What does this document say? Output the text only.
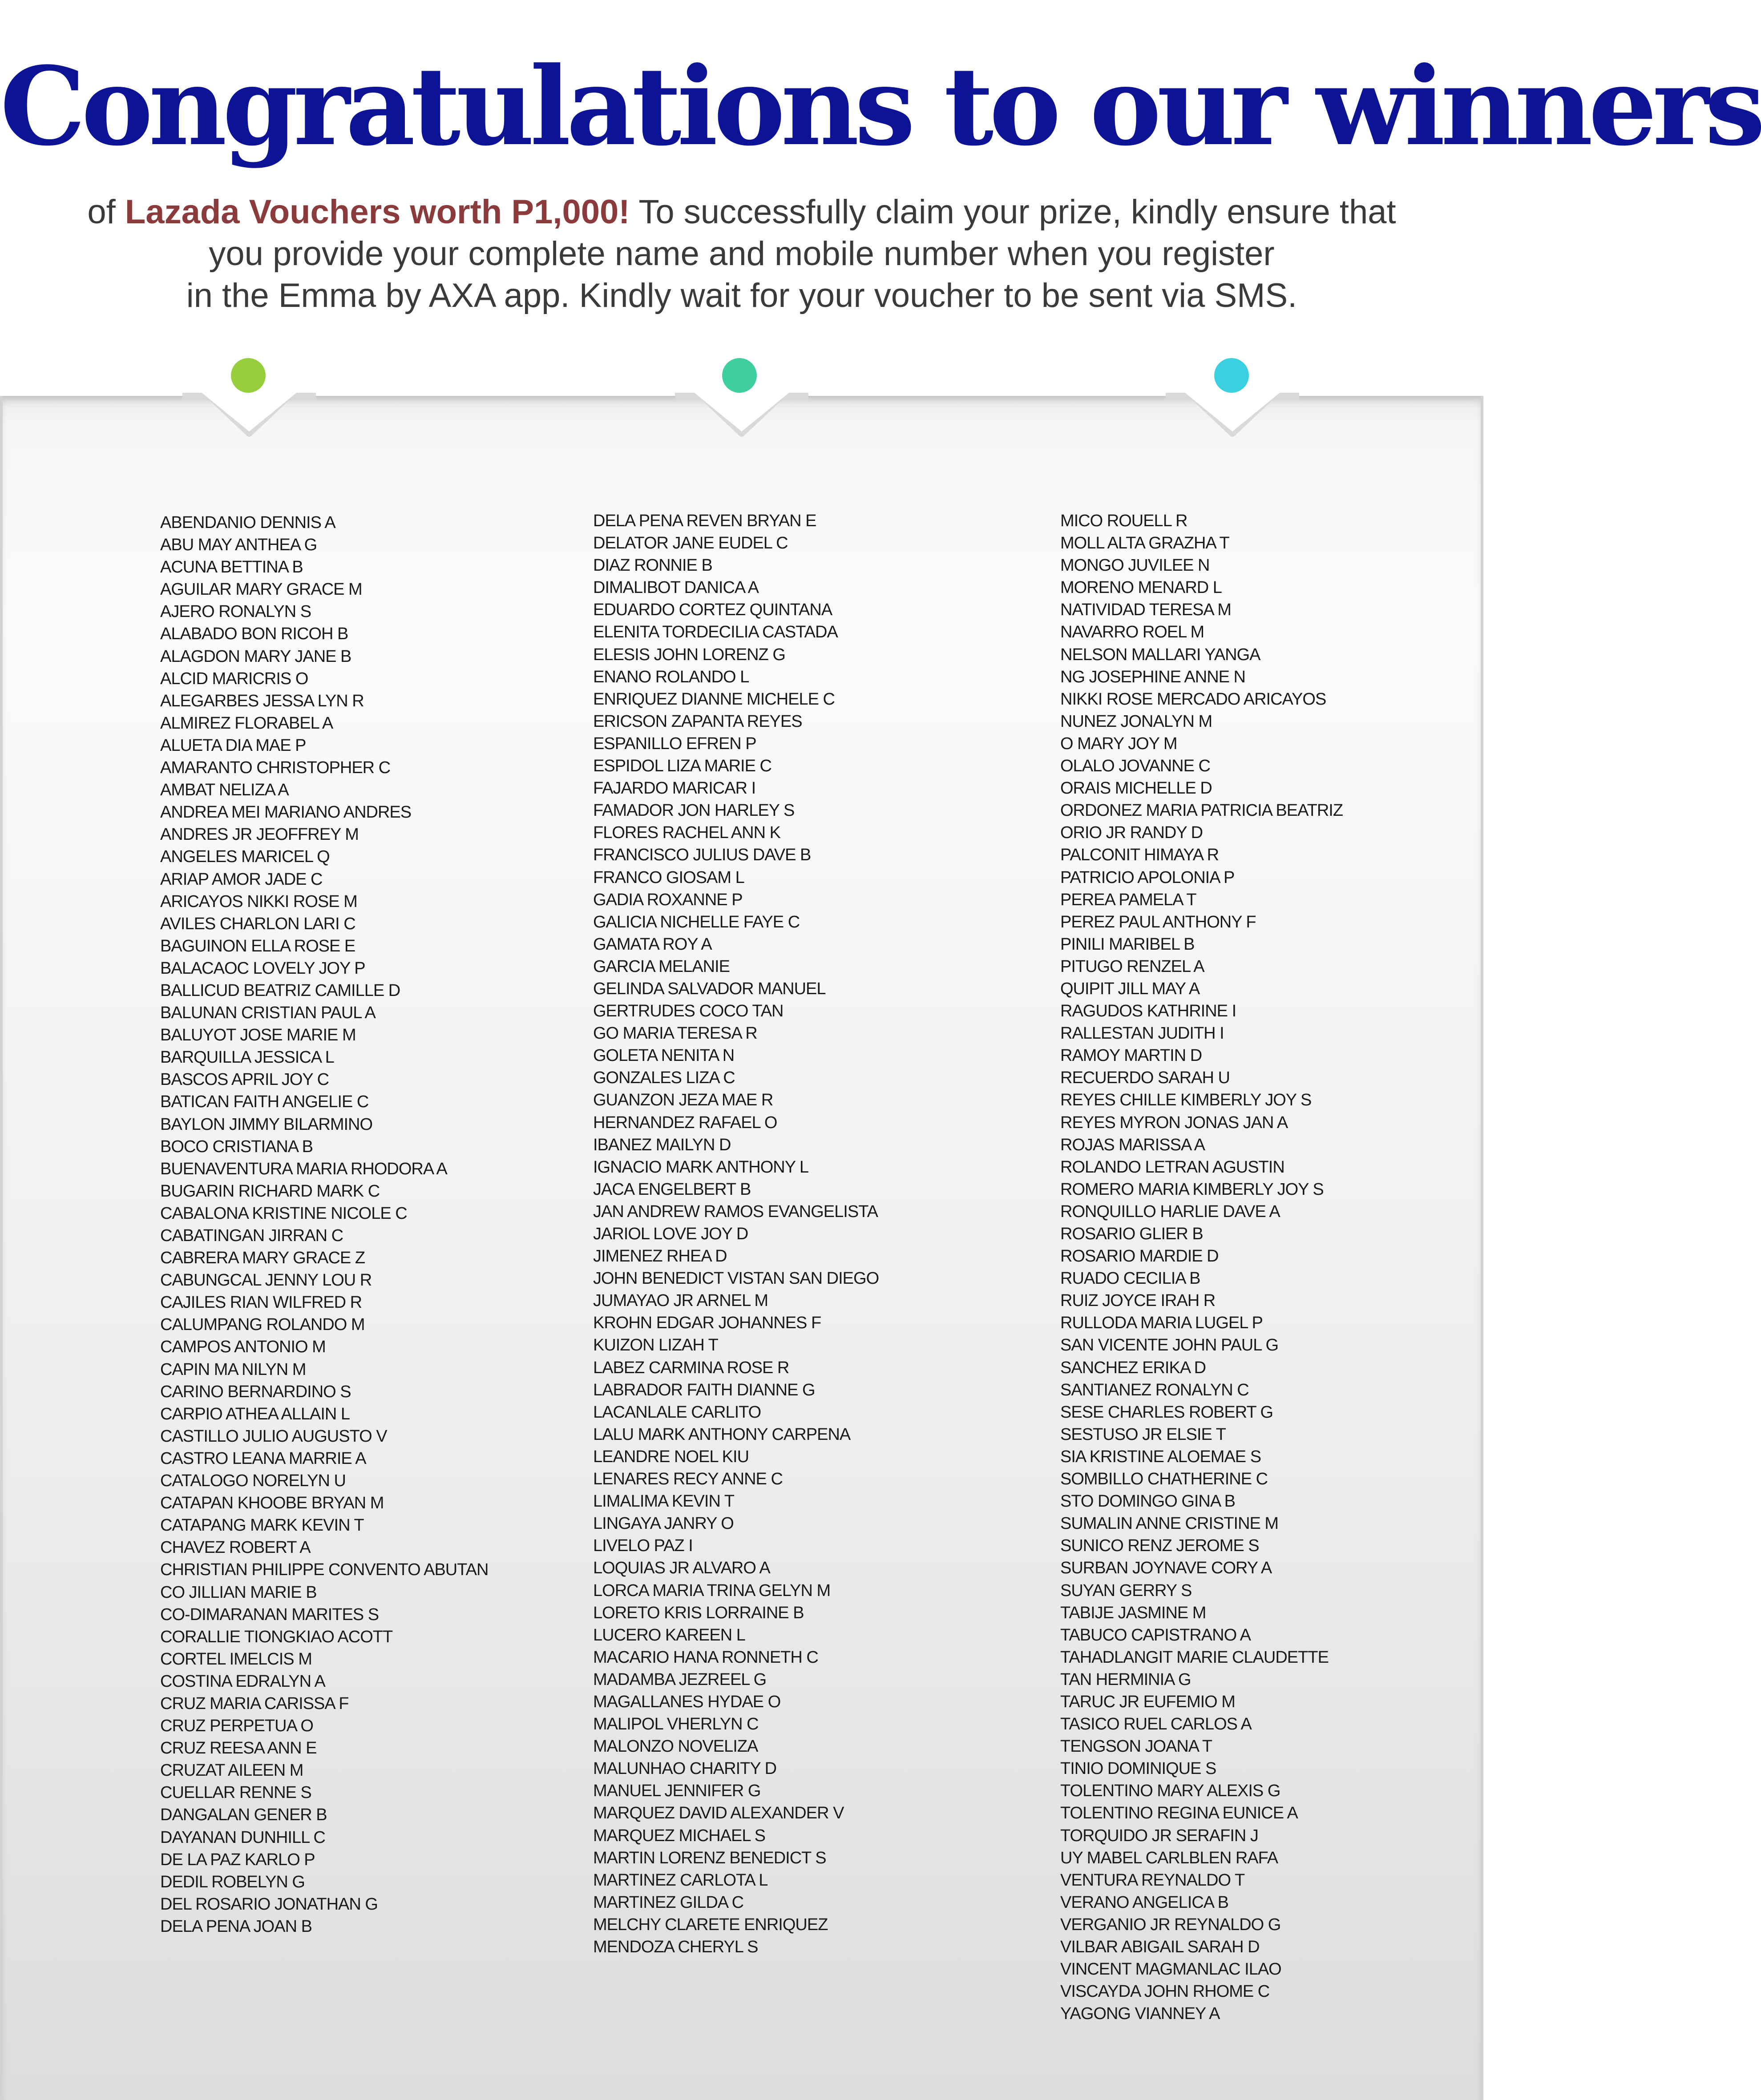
Congratulations to our winners

of Lazada Vouchers worth P1,000! To successfully claim your prize, kindly ensure that
you provide your complete name and mobile number when you register
in the Emma by AXA app. Kindly wait for your voucher to be sent via SMS.

ABENDANIO DENNIS A
ABU MAY ANTHEA G
ACUNA BETTINA B
AGUILAR MARY GRACE M
AJERO RONALYN S
ALABADO BON RICOH B
ALAGDON MARY JANE B
ALCID MARICRIS O
ALEGARBES JESSA LYN R
ALMIREZ FLORABEL A
ALUETA DIA MAE P
AMARANTO CHRISTOPHER C
AMBAT NELIZA A
ANDREA MEI MARIANO ANDRES
ANDRES JR JEOFFREY M
ANGELES MARICEL Q
ARIAP AMOR JADE C
ARICAYOS NIKKI ROSE M
AVILES CHARLON LARI C
BAGUINON ELLA ROSE E
BALACAOC LOVELY JOY P
BALLICUD BEATRIZ CAMILLE D
BALUNAN CRISTIAN PAUL A
BALUYOT JOSE MARIE M
BARQUILLA JESSICA L
BASCOS APRIL JOY C
BATICAN FAITH ANGELIE C
BAYLON JIMMY BILARMINO
BOCO CRISTIANA B
BUENAVENTURA MARIA RHODORA A
BUGARIN RICHARD MARK C
CABALONA KRISTINE NICOLE C
CABATINGAN JIRRAN C
CABRERA MARY GRACE Z
CABUNGCAL JENNY LOU R
CAJILES RIAN WILFRED R
CALUMPANG ROLANDO M
CAMPOS ANTONIO M
CAPIN MA NILYN M
CARINO BERNARDINO S
CARPIO ATHEA ALLAIN L
CASTILLO JULIO AUGUSTO V
CASTRO LEANA MARRIE A
CATALOGO NORELYN U
CATAPAN KHOOBE BRYAN M
CATAPANG MARK KEVIN T
CHAVEZ ROBERT A
CHRISTIAN PHILIPPE CONVENTO ABUTAN
CO JILLIAN MARIE B
CO-DIMARANAN MARITES S
CORALLIE TIONGKIAO ACOTT
CORTEL IMELCIS M
COSTINA EDRALYN A
CRUZ MARIA CARISSA F
CRUZ PERPETUA O
CRUZ REESA ANN E
CRUZAT AILEEN M
CUELLAR RENNE S
DANGALAN GENER B
DAYANAN DUNHILL C
DE LA PAZ KARLO P
DEDIL ROBELYN G
DEL ROSARIO JONATHAN G
DELA PENA JOAN B
DELA PENA REVEN BRYAN E
DELATOR JANE EUDEL C
DIAZ RONNIE B
DIMALIBOT DANICA A
EDUARDO CORTEZ QUINTANA
ELENITA TORDECILIA CASTADA
ELESIS JOHN LORENZ G
ENANO ROLANDO L
ENRIQUEZ DIANNE MICHELE C
ERICSON ZAPANTA REYES
ESPANILLO EFREN P
ESPIDOL LIZA MARIE C
FAJARDO MARICAR I
FAMADOR JON HARLEY S
FLORES RACHEL ANN K
FRANCISCO JULIUS DAVE B
FRANCO GIOSAM L
GADIA ROXANNE P
GALICIA NICHELLE FAYE C
GAMATA ROY A
GARCIA MELANIE
GELINDA SALVADOR MANUEL
GERTRUDES COCO TAN
GO MARIA TERESA R
GOLETA NENITA N
GONZALES LIZA C
GUANZON JEZA MAE R
HERNANDEZ RAFAEL O
IBANEZ MAILYN D
IGNACIO MARK ANTHONY L
JACA ENGELBERT B
JAN ANDREW RAMOS EVANGELISTA
JARIOL LOVE JOY D
JIMENEZ RHEA D
JOHN BENEDICT VISTAN SAN DIEGO
JUMAYAO JR ARNEL M
KROHN EDGAR JOHANNES F
KUIZON LIZAH T
LABEZ CARMINA ROSE R
LABRADOR FAITH DIANNE G
LACANLALE CARLITO
LALU MARK ANTHONY CARPENA
LEANDRE NOEL KIU
LENARES RECY ANNE C
LIMALIMA KEVIN T
LINGAYA JANRY O
LIVELO PAZ I
LOQUIAS JR ALVARO A
LORCA MARIA TRINA GELYN M
LORETO KRIS LORRAINE B
LUCERO KAREEN L
MACARIO HANA RONNETH C
MADAMBA JEZREEL G
MAGALLANES HYDAE O
MALIPOL VHERLYN C
MALONZO NOVELIZA
MALUNHAO CHARITY D
MANUEL JENNIFER G
MARQUEZ DAVID ALEXANDER V
MARQUEZ MICHAEL S
MARTIN LORENZ BENEDICT S
MARTINEZ CARLOTA L
MARTINEZ GILDA C
MELCHY CLARETE ENRIQUEZ
MENDOZA CHERYL S
MICO ROUELL R
MOLL ALTA GRAZHA T
MONGO JUVILEE N
MORENO MENARD L
NATIVIDAD TERESA M
NAVARRO ROEL M
NELSON MALLARI YANGA
NG JOSEPHINE ANNE N
NIKKI ROSE MERCADO ARICAYOS
NUNEZ JONALYN M
O MARY JOY M
OLALO JOVANNE C
ORAIS MICHELLE D
ORDONEZ MARIA PATRICIA BEATRIZ
ORIO JR RANDY D
PALCONIT HIMAYA R
PATRICIO APOLONIA P
PEREA PAMELA T
PEREZ PAUL ANTHONY F
PINILI MARIBEL B
PITUGO RENZEL A
QUIPIT JILL MAY A
RAGUDOS KATHRINE I
RALLESTAN JUDITH I
RAMOY MARTIN D
RECUERDO SARAH U
REYES CHILLE KIMBERLY JOY S
REYES MYRON JONAS JAN A
ROJAS MARISSA A
ROLANDO LETRAN AGUSTIN
ROMERO MARIA KIMBERLY JOY S
RONQUILLO HARLIE DAVE A
ROSARIO GLIER B
ROSARIO MARDIE D
RUADO CECILIA B
RUIZ JOYCE IRAH R
RULLODA MARIA LUGEL P
SAN VICENTE JOHN PAUL G
SANCHEZ ERIKA D
SANTIANEZ RONALYN C
SESE CHARLES ROBERT G
SESTUSO JR ELSIE T
SIA KRISTINE ALOEMAE S
SOMBILLO CHATHERINE C
STO DOMINGO GINA B
SUMALIN ANNE CRISTINE M
SUNICO RENZ JEROME S
SURBAN JOYNAVE CORY A
SUYAN GERRY S
TABIJE JASMINE M
TABUCO CAPISTRANO A
TAHADLANGIT MARIE CLAUDETTE
TAN HERMINIA G
TARUC JR EUFEMIO M
TASICO RUEL CARLOS A
TENGSON JOANA T
TINIO DOMINIQUE S
TOLENTINO MARY ALEXIS G
TOLENTINO REGINA EUNICE A
TORQUIDO JR SERAFIN J
UY MABEL CARLBLEN RAFA
VENTURA REYNALDO T
VERANO ANGELICA B
VERGANIO JR REYNALDO G
VILBAR ABIGAIL SARAH D
VINCENT MAGMANLAC ILAO
VISCAYDA JOHN RHOME C
YAGONG VIANNEY A
